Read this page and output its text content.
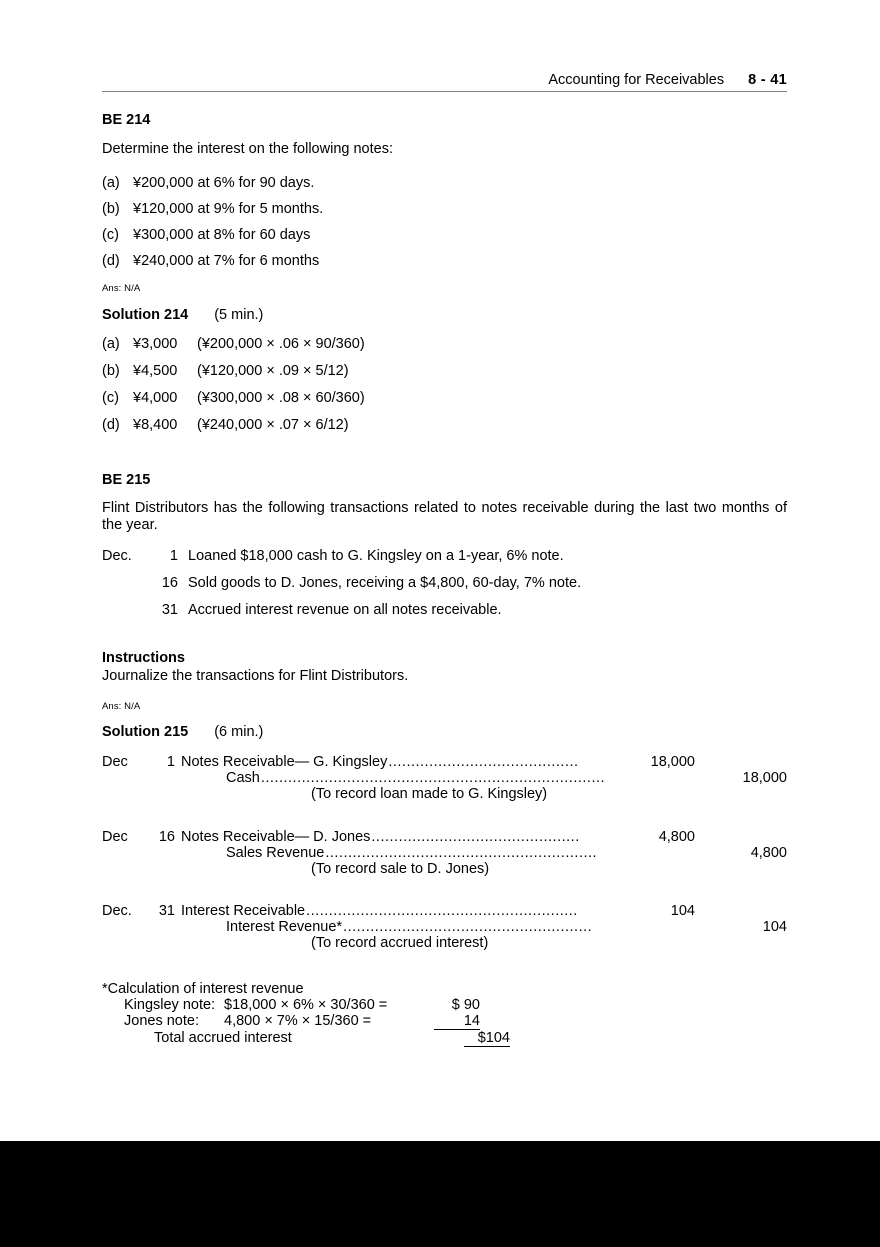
Accounting for Receivables 8 - 41
BE 214
Determine the interest on the following notes:
(a) ¥200,000 at 6% for 90 days.
(b) ¥120,000 at 9% for 5 months.
(c) ¥300,000 at 8% for 60 days
(d) ¥240,000 at 7% for 6 months
Ans: N/A
Solution 214 (5 min.)
(a) ¥3,000	(¥200,000 × .06 × 90/360)
(b) ¥4,500	(¥120,000 × .09 × 5/12)
(c) ¥4,000	(¥300,000 × .08 × 60/360)
(d) ¥8,400	(¥240,000 × .07 × 6/12)
BE 215
Flint Distributors has the following transactions related to notes receivable during the last two months of the year.
Dec.	1 Loaned $18,000 cash to G. Kingsley on a 1-year, 6% note.
16 Sold goods to D. Jones, receiving a $4,800, 60-day, 7% note.
31 Accrued interest revenue on all notes receivable.
Instructions
Journalize the transactions for Flint Distributors.
Ans: N/A
Solution 215 (6 min.)
Dec	1 Notes Receivable— G. Kingsley..........................................	18,000
Cash............................................................................	18,000
(To record loan made to G. Kingsley)
Dec	16 Notes Receivable— D. Jones..............................................	4,800
Sales Revenue............................................................	4,800
(To record sale to D. Jones)
Dec.	31 Interest Receivable............................................................	104
Interest Revenue*.......................................................	104
(To record accrued interest)
*Calculation of interest revenue
Kingsley note: $18,000 × 6% × 30/360 =	$ 90
Jones note:	4,800 × 7% × 15/360 =	14
Total accrued interest	$104
